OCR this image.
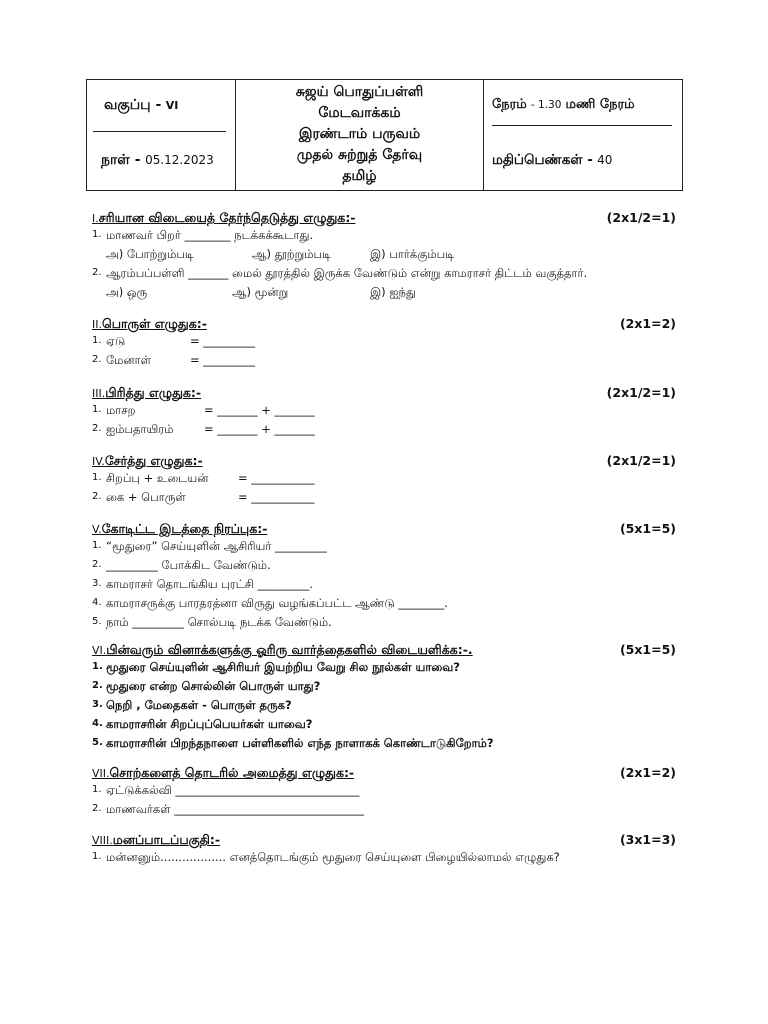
வகுப்பு - VI
நாள் - 05.12.2023

சுஜய் பொதுப்பள்ளி
மேடவாக்கம்
இரண்டாம் பருவம்
முதல் சுற்றுத் தேர்வு
தமிழ்

நேரம் - 1.30 மணி நேரம்
மதிப்பெண்கள் - 40
I.சரியான விடையைத் தேர்ந்தெடுத்து எழுதுக:-	(2x1/2=1)
1. மாணவர் பிறர் ________ நடக்கக்கூடாது.
அ) போற்றும்படி	ஆ) தூற்றும்படி	இ) பார்க்கும்படி
2. ஆரம்பப்பள்ளி _______ மைல் தூரத்தில் இருக்க வேண்டும் என்று காமராசர் திட்டம் வகுத்தார்.
அ) ஒரு	ஆ) மூன்று	இ) ஐந்து
II.பொருள் எழுதுக:-	(2x1=2)
1. ஏடு	= _________
2. மேனாள்	= _________
III.பிரித்து எழுதுக:-	(2x1/2=1)
1. மாசற	= _______ + _______
2. ஐம்பதாயிரம்	= _______ + _______
IV.சேர்த்து எழுதுக:-	(2x1/2=1)
1. சிறப்பு + உடையன்	= ___________
2. கை + பொருள்	= ___________
V.கோடிட்ட இடத்தை நிரப்புக:-	(5x1=5)
1. “மூதுரை” செய்யுளின் ஆசிரியர் _________
2. _________ போக்கிட வேண்டும்.
3. காமராசர் தொடங்கிய புரட்சி _________.
4. காமராசருக்கு பாரதரத்னா விருது வழங்கப்பட்ட ஆண்டு ________.
5. நாம் _________ சொல்படி நடக்க வேண்டும்.
VI.பின்வரும் வினாக்களுக்கு ஓரிரு வார்த்தைகளில் விடையளிக்க:-.	(5x1=5)
1. மூதுரை செய்யுளின் ஆசிரியர் இயற்றிய வேறு சில நூல்கள் யாவை?
2. மூதுரை என்ற சொல்லின் பொருள் யாது?
3. நெறி , மேதைகள் - பொருள் தருக?
4. காமராசரின் சிறப்புப்பெயர்கள் யாவை?
5. காமராசரின் பிறந்தநாளை பள்ளிகளில் எந்த நாளாகக் கொண்டாடுகிறோம்?
VII.சொற்களைத் தொடரில் அமைத்து எழுதுக:-	(2x1=2)
1. ஏட்டுக்கல்வி ________________________________
2. மாணவர்கள் _________________________________
VIII.மனப்பாடப்பகுதி:-	(3x1=3)
1. மன்னனும்.................. எனத்தொடங்கும் மூதுரை செய்யுளை பிழையில்லாமல் எழுதுக?
